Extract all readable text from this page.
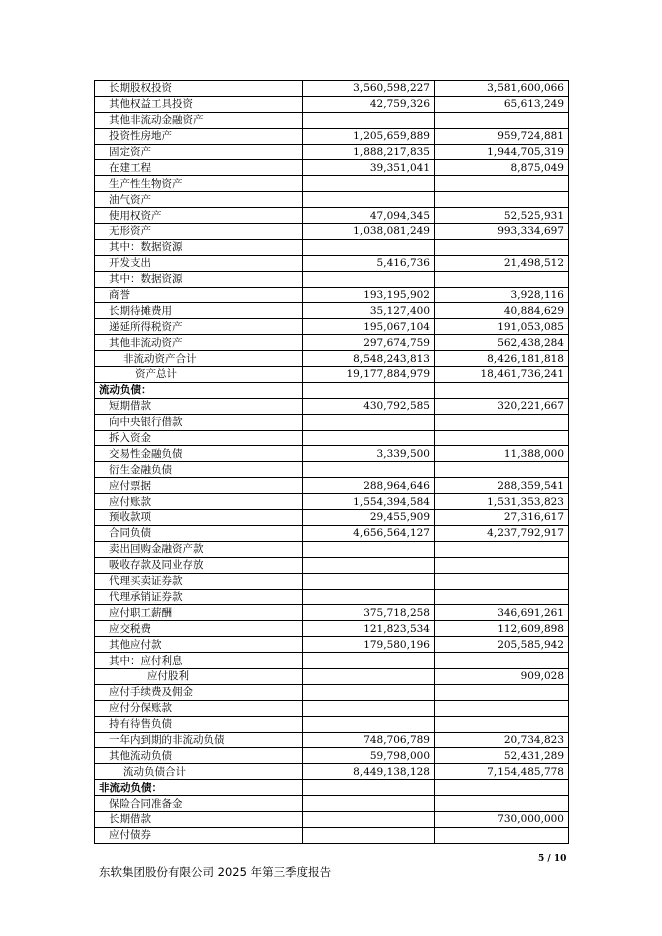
长期股权投资	3,560,598,227	3,581,600,066
其他权益工具投资	42,759,326	65,613,249
其他非流动金融资产		
投资性房地产	1,205,659,889	959,724,881
固定资产	1,888,217,835	1,944,705,319
在建工程	39,351,041	8,875,049
生产性生物资产		
油气资产		
使用权资产	47,094,345	52,525,931
无形资产	1,038,081,249	993,334,697
其中：数据资源		
开发支出	5,416,736	21,498,512
其中：数据资源		
商誉	193,195,902	3,928,116
长期待摊费用	35,127,400	40,884,629
递延所得税资产	195,067,104	191,053,085
其他非流动资产	297,674,759	562,438,284
非流动资产合计	8,548,243,813	8,426,181,818
资产总计	19,177,884,979	18,461,736,241
流动负债：		
短期借款	430,792,585	320,221,667
向中央银行借款		
拆入资金		
交易性金融负债	3,339,500	11,388,000
衍生金融负债		
应付票据	288,964,646	288,359,541
应付账款	1,554,394,584	1,531,353,823
预收款项	29,455,909	27,316,617
合同负债	4,656,564,127	4,237,792,917
卖出回购金融资产款		
吸收存款及同业存放		
代理买卖证券款		
代理承销证券款		
应付职工薪酬	375,718,258	346,691,261
应交税费	121,823,534	112,609,898
其他应付款	179,580,196	205,585,942
其中：应付利息		
应付股利		909,028
应付手续费及佣金		
应付分保账款		
持有待售负债		
一年内到期的非流动负债	748,706,789	20,734,823
其他流动负债	59,798,000	52,431,289
流动负债合计	8,449,138,128	7,154,485,778
非流动负债：		
保险合同准备金		
长期借款		730,000,000
应付债券		
5 / 10
东软集团股份有限公司 2025 年第三季度报告
